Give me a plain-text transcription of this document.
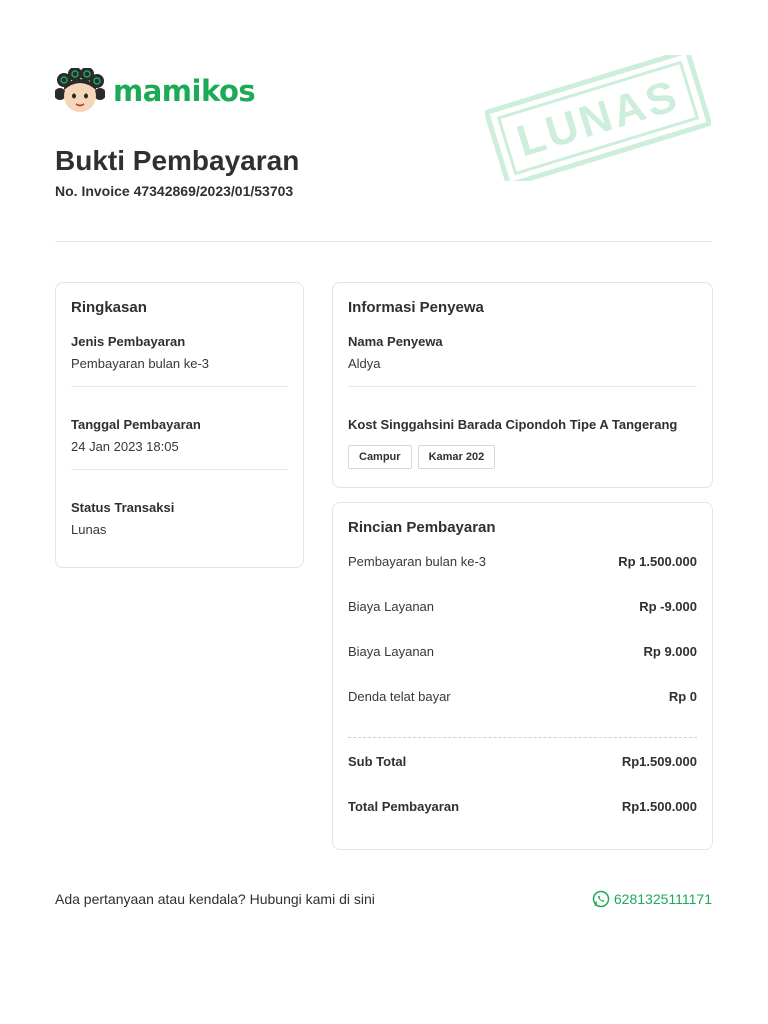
mamikos	LUNAS
Bukti Pembayaran
No. Invoice 47342869/2023/01/53703
Ringkasan
Jenis Pembayaran
Pembayaran bulan ke-3
Tanggal Pembayaran
24 Jan 2023 18:05
Status Transaksi
Lunas
Informasi Penyewa
Nama Penyewa
Aldya
Kost Singgahsini Barada Cipondoh Tipe A Tangerang
Campur	Kamar 202
Rincian Pembayaran
Pembayaran bulan ke-3	Rp 1.500.000
Biaya Layanan	Rp -9.000
Biaya Layanan	Rp 9.000
Denda telat bayar	Rp 0
Sub Total	Rp1.509.000
Total Pembayaran	Rp1.500.000
Ada pertanyaan atau kendala? Hubungi kami di sini	6281325111171
